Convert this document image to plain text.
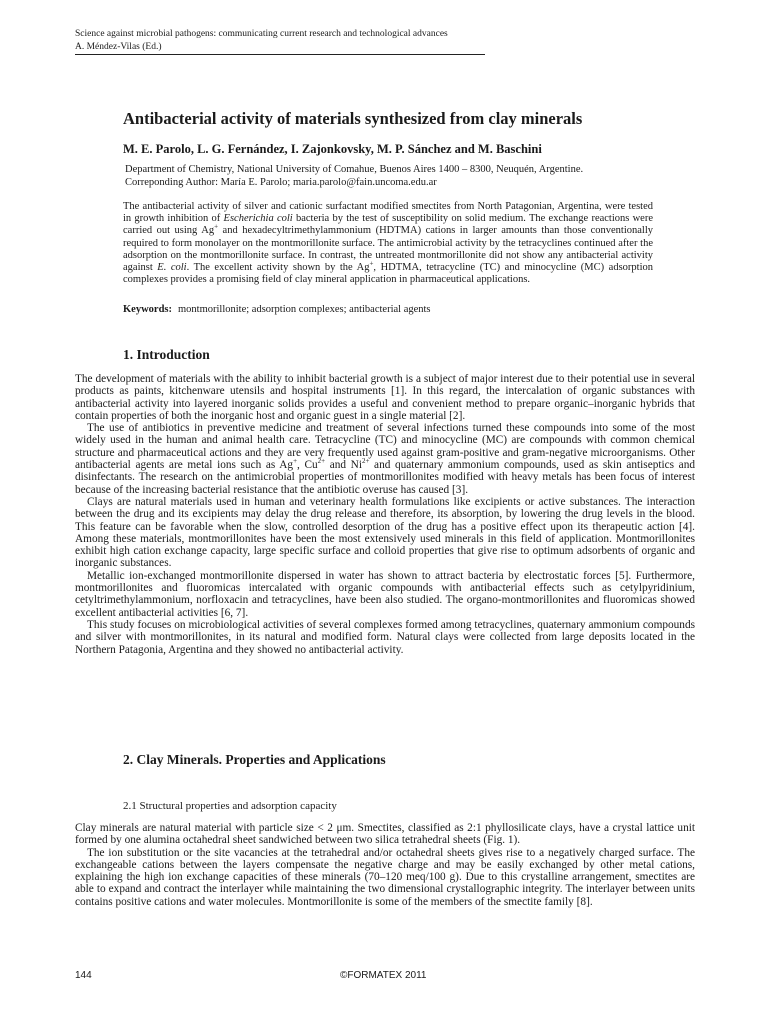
Science against microbial pathogens: communicating current research and technological advances
A. Méndez-Vilas (Ed.)
Antibacterial activity of materials synthesized from clay minerals
M. E. Parolo, L. G. Fernández, I. Zajonkovsky, M. P. Sánchez and M. Baschini
Department of Chemistry, National University of Comahue, Buenos Aires 1400 – 8300, Neuquén, Argentine.
Correponding Author: María E. Parolo; maria.parolo@fain.uncoma.edu.ar

The antibacterial activity of silver and cationic surfactant modified smectites from North Patagonian, Argentina, were tested in growth inhibition of Escherichia coli bacteria by the test of susceptibility on solid medium. The exchange reactions were carried out using Ag+ and hexadecyltrimethylammonium (HDTMA) cations in larger amounts than those conventionally required to form monolayer on the montmorillonite surface. The antimicrobial activity by the tetracyclines continued after the adsorption on the montmorillonite surface. In contrast, the untreated montmorillonite did not show any antibacterial activity against E. coli. The excellent activity shown by the Ag+, HDTMA, tetracycline (TC) and minocycline (MC) adsorption complexes provides a promising field of clay mineral application in pharmaceutical applications.

Keywords: montmorillonite; adsorption complexes; antibacterial agents
1. Introduction

The development of materials with the ability to inhibit bacterial growth is a subject of major interest due to their potential use in several products as paints, kitchenware utensils and hospital instruments [1]. In this regard, the intercalation of organic substances with antibacterial activity into layered inorganic solids provides a useful and convenient method to prepare organic–inorganic hybrids that contain properties of both the inorganic host and organic guest in a single material [2].

The use of antibiotics in preventive medicine and treatment of several infections turned these compounds into some of the most widely used in the human and animal health care. Tetracycline (TC) and minocycline (MC) are compounds with common chemical structure and pharmaceutical actions and they are very frequently used against gram-positive and gram-negative microorganisms. Other antibacterial agents are metal ions such as Ag+, $Cu^{2+}$ and $Ni^{2+}$ and quaternary ammonium compounds, used as skin antiseptics and disinfectants. The research on the antimicrobial properties of montmorillonites modified with heavy metals has been focus of interest because of the increasing bacterial resistance that the antibiotic overuse has caused [3].

Clays are natural materials used in human and veterinary health formulations like excipients or active substances. The interaction between the drug and its excipients may delay the drug release and therefore, its absorption, by lowering the drug levels in the blood. This feature can be favorable when the slow, controlled desorption of the drug has a positive effect upon its therapeutic action [4]. Among these materials, montmorillonites have been the most extensively used minerals in this field of application. Montmorillonites exhibit high cation exchange capacity, large specific surface and colloid properties that give rise to optimum adsorbents of organic and inorganic substances.

Metallic ion-exchanged montmorillonite dispersed in water has shown to attract bacteria by electrostatic forces [5]. Furthermore, montmorillonites and fluoromicas intercalated with organic compounds with antibacterial effects such as cetylpyridinium, cetyltrimethylammonium, norfloxacin and tetracyclines, have been also studied. The organo-montmorillonites and fluoromicas showed excellent antibacterial activities [6, 7].

This study focuses on microbiological activities of several complexes formed among tetracyclines, quaternary ammonium compounds and silver with montmorillonites, in its natural and modified form. Natural clays were collected from large deposits located in the Northern Patagonia, Argentina and they showed no antibacterial activity.

2. Clay Minerals. Properties and Applications
2.1 Structural properties and adsorption capacity

Clay minerals are natural material with particle size < 2 μm. Smectites, classified as 2:1 phyllosilicate clays, have a crystal lattice unit formed by one alumina octahedral sheet sandwiched between two silica tetrahedral sheets (Fig. 1).

The ion substitution or the site vacancies at the tetrahedral and/or octahedral sheets gives rise to a negatively charged surface. The exchangeable cations between the layers compensate the negative charge and may be easily exchanged by other metal cations, explaining the high ion exchange capacities of these minerals (70–120 meq/100 g). Due to this crystalline arrangement, smectites are able to expand and contract the interlayer while maintaining the two dimensional crystallographic integrity. The interlayer between units contains positive cations and water molecules. Montmorillonite is some of the members of the smectite family [8].

144	©FORMATEX 2011
